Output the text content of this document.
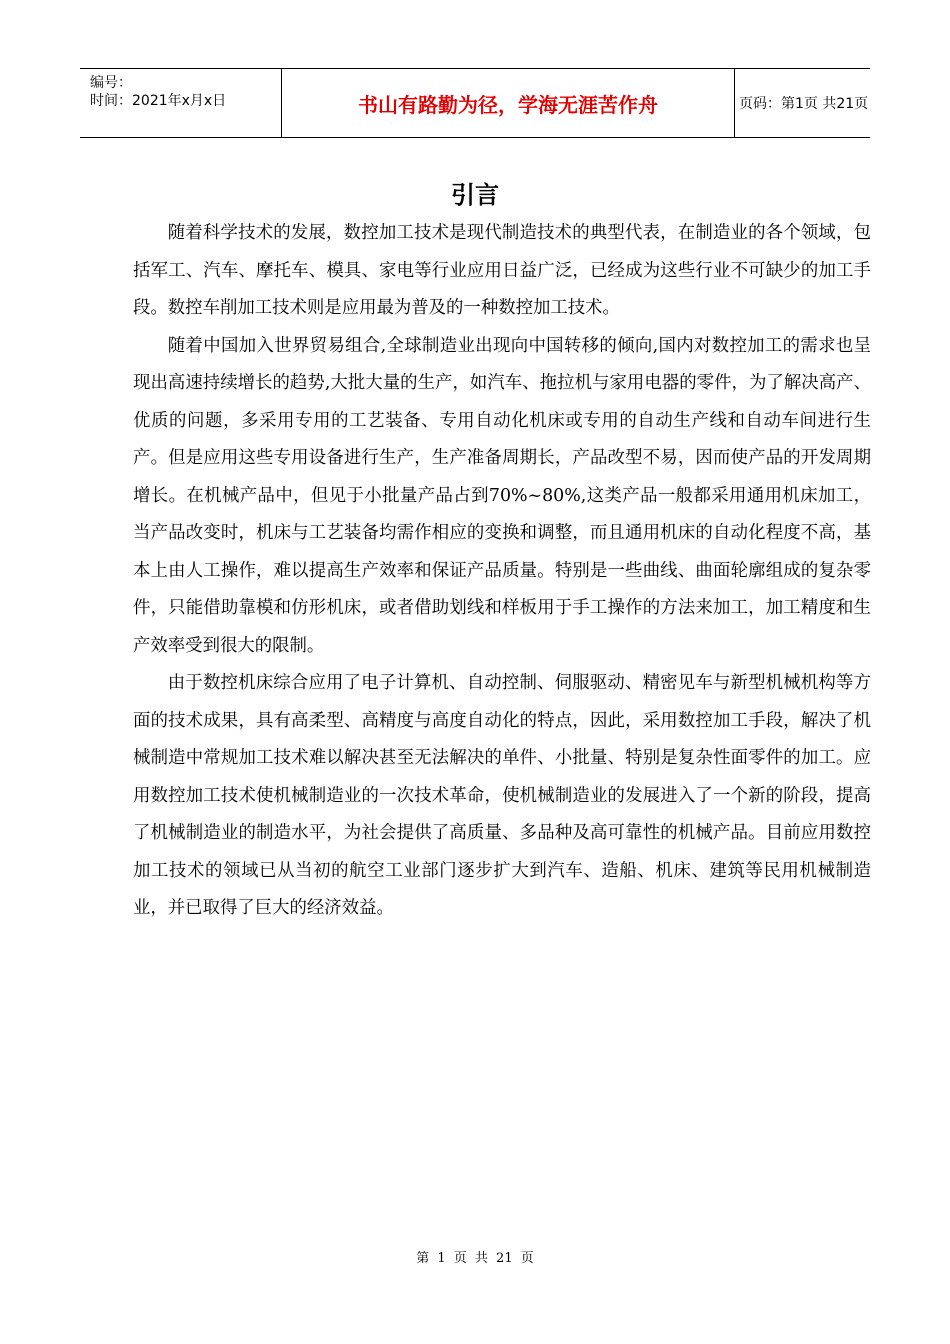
编号：
时间：2021年x月x日	书山有路勤为径，学海无涯苦作舟	页码：第1页 共21页
引言

随着科学技术的发展，数控加工技术是现代制造技术的典型代表，在制造业的各个领域，包括军工、汽车、摩托车、模具、家电等行业应用日益广泛，已经成为这些行业不可缺少的加工手段。数控车削加工技术则是应用最为普及的一种数控加工技术。

随着中国加入世界贸易组合,全球制造业出现向中国转移的倾向,国内对数控加工的需求也呈现出高速持续增长的趋势,大批大量的生产，如汽车、拖拉机与家用电器的零件，为了解决高产、优质的问题，多采用专用的工艺装备、专用自动化机床或专用的自动生产线和自动车间进行生产。但是应用这些专用设备进行生产，生产准备周期长，产品改型不易，因而使产品的开发周期增长。在机械产品中，但见于小批量产品占到70%~80%,这类产品一般都采用通用机床加工，当产品改变时，机床与工艺装备均需作相应的变换和调整，而且通用机床的自动化程度不高，基本上由人工操作，难以提高生产效率和保证产品质量。特别是一些曲线、曲面轮廓组成的复杂零件，只能借助靠模和仿形机床，或者借助划线和样板用于手工操作的方法来加工，加工精度和生产效率受到很大的限制。

由于数控机床综合应用了电子计算机、自动控制、伺服驱动、精密见车与新型机械机构等方面的技术成果，具有高柔型、高精度与高度自动化的特点，因此，采用数控加工手段，解决了机械制造中常规加工技术难以解决甚至无法解决的单件、小批量、特别是复杂性面零件的加工。应用数控加工技术使机械制造业的一次技术革命，使机械制造业的发展进入了一个新的阶段，提高了机械制造业的制造水平，为社会提供了高质量、多品种及高可靠性的机械产品。目前应用数控加工技术的领域已从当初的航空工业部门逐步扩大到汽车、造船、机床、建筑等民用机械制造业，并已取得了巨大的经济效益。

第 1 页 共 21 页
